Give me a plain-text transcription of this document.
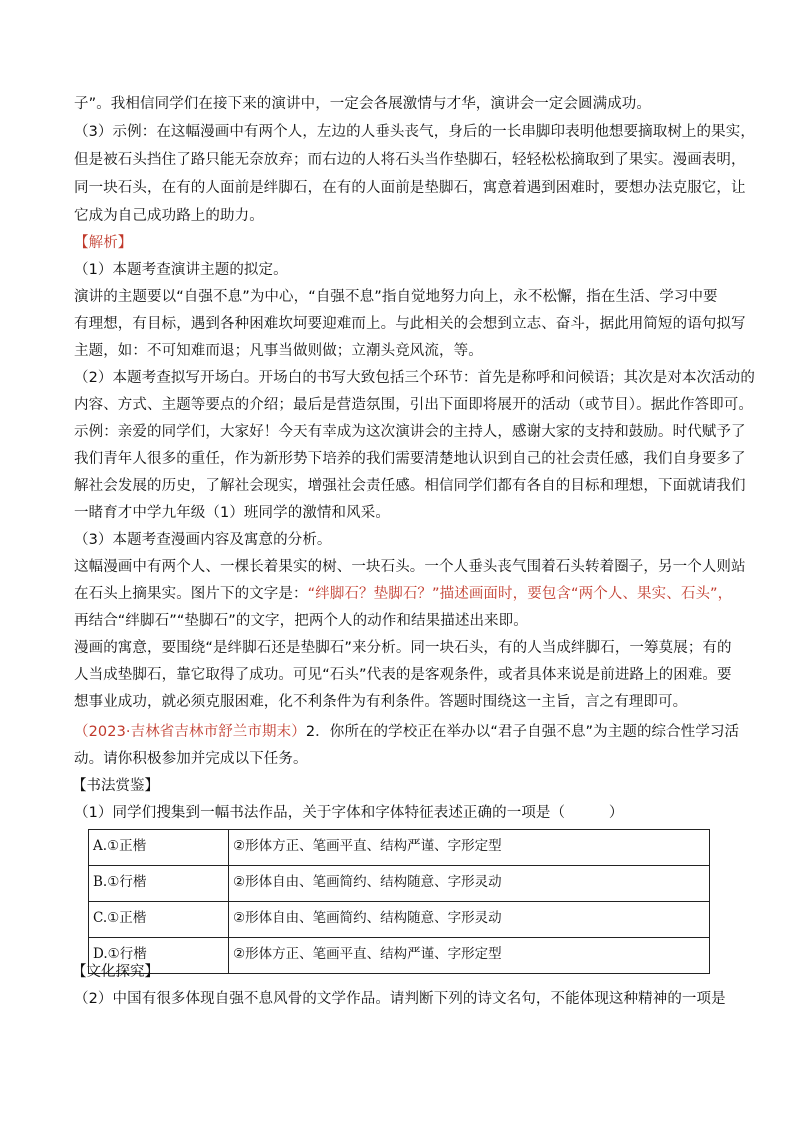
子”。我相信同学们在接下来的演讲中，一定会各展激情与才华，演讲会一定会圆满成功。
（3）示例：在这幅漫画中有两个人，左边的人垂头丧气，身后的一长串脚印表明他想要摘取树上的果实，
但是被石头挡住了路只能无奈放弃；而右边的人将石头当作垫脚石，轻轻松松摘取到了果实。漫画表明，
同一块石头，在有的人面前是绊脚石，在有的人面前是垫脚石，寓意着遇到困难时，要想办法克服它，让
它成为自己成功路上的助力。
【解析】
（1）本题考查演讲主题的拟定。
演讲的主题要以“自强不息”为中心，“自强不息”指自觉地努力向上，永不松懈，指在生活、学习中要
有理想，有目标，遇到各种困难坎坷要迎难而上。与此相关的会想到立志、奋斗，据此用简短的语句拟写
主题，如：不可知难而退；凡事当做则做；立潮头竞风流，等。
（2）本题考查拟写开场白。开场白的书写大致包括三个环节：首先是称呼和问候语；其次是对本次活动的
内容、方式、主题等要点的介绍；最后是营造氛围，引出下面即将展开的活动（或节目）。据此作答即可。
示例：亲爱的同学们，大家好！今天有幸成为这次演讲会的主持人，感谢大家的支持和鼓励。时代赋予了
我们青年人很多的重任，作为新形势下培养的我们需要清楚地认识到自己的社会责任感，我们自身要多了
解社会发展的历史，了解社会现实，增强社会责任感。相信同学们都有各自的目标和理想，下面就请我们
一睹育才中学九年级（1）班同学的激情和风采。
（3）本题考查漫画内容及寓意的分析。
这幅漫画中有两个人、一棵长着果实的树、一块石头。一个人垂头丧气围着石头转着圈子，另一个人则站
在石头上摘果实。图片下的文字是：“绊脚石？垫脚石？”描述画面时，要包含“两个人、果实、石头”，
再结合“绊脚石”“垫脚石”的文字，把两个人的动作和结果描述出来即。
漫画的寓意，要围绕“是绊脚石还是垫脚石”来分析。同一块石头，有的人当成绊脚石，一筹莫展；有的
人当成垫脚石，靠它取得了成功。可见“石头”代表的是客观条件，或者具体来说是前进路上的困难。要
想事业成功，就必须克服困难，化不利条件为有利条件。答题时围绕这一主旨，言之有理即可。
（2023·吉林省吉林市舒兰市期末）2．你所在的学校正在举办以“君子自强不息”为主题的综合性学习活
动。请你积极参加并完成以下任务。
【书法赏鉴】
（1）同学们搜集到一幅书法作品，关于字体和字体特征表述正确的一项是（　　　）
A.①正楷	②形体方正、笔画平直、结构严谨、字形定型
B.①行楷	②形体自由、笔画简约、结构随意、字形灵动
C.①正楷	②形体自由、笔画简约、结构随意、字形灵动
D.①行楷	②形体方正、笔画平直、结构严谨、字形定型
【文化探究】
（2）中国有很多体现自强不息风骨的文学作品。请判断下列的诗文名句，不能体现这种精神的一项是
